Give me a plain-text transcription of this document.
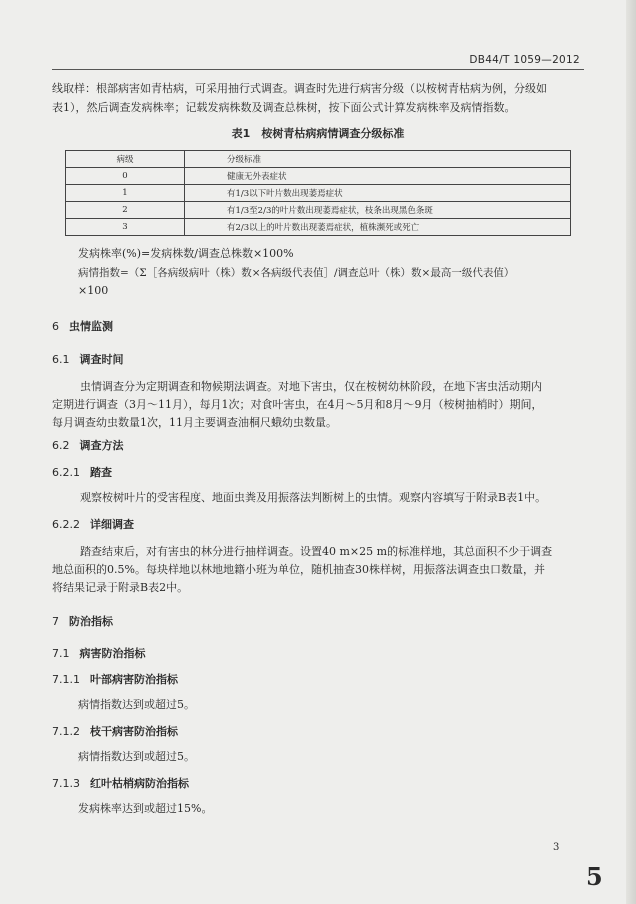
DB44/T 1059—2012
线取样：根部病害如青枯病，可采用抽行式调查。调查时先进行病害分级（以桉树青枯病为例，分级如
表1），然后调查发病株率；记载发病株数及调查总株树，按下面公式计算发病株率及病情指数。
表1　桉树青枯病病情调查分级标准
病级	分级标准
0	健康无外表症状
1	有1/3以下叶片数出现萎焉症状
2	有1/3至2/3的叶片数出现萎焉症状，枝条出现黑色条斑
3	有2/3以上的叶片数出现萎焉症状，植株濒死或死亡
发病株率(%)=发病株数/调查总株数×100%
病情指数=（Σ［各病级病叶（株）数×各病级代表值］/调查总叶（株）数×最高一级代表值）
×100
6 虫情监测
6.1 调查时间
虫情调查分为定期调查和物候期法调查。对地下害虫，仅在桉树幼林阶段，在地下害虫活动期内
定期进行调查（3月～11月），每月1次；对食叶害虫，在4月～5月和8月～9月（桉树抽梢时）期间，
每月调查幼虫数量1次，11月主要调查油桐尺蛾幼虫数量。
6.2 调查方法
6.2.1 踏查
观察桉树叶片的受害程度、地面虫粪及用振落法判断树上的虫情。观察内容填写于附录B表1中。
6.2.2 详细调查
踏查结束后，对有害虫的林分进行抽样调查。设置40 m×25 m的标准样地，其总面积不少于调查
地总面积的0.5%。每块样地以林地地籍小班为单位，随机抽查30株样树，用振落法调查虫口数量，并
将结果记录于附录B表2中。
7 防治指标
7.1 病害防治指标
7.1.1 叶部病害防治指标
病情指数达到或超过5。
7.1.2 枝干病害防治指标
病情指数达到或超过5。
7.1.3 红叶枯梢病防治指标
发病株率达到或超过15%。
3
5
